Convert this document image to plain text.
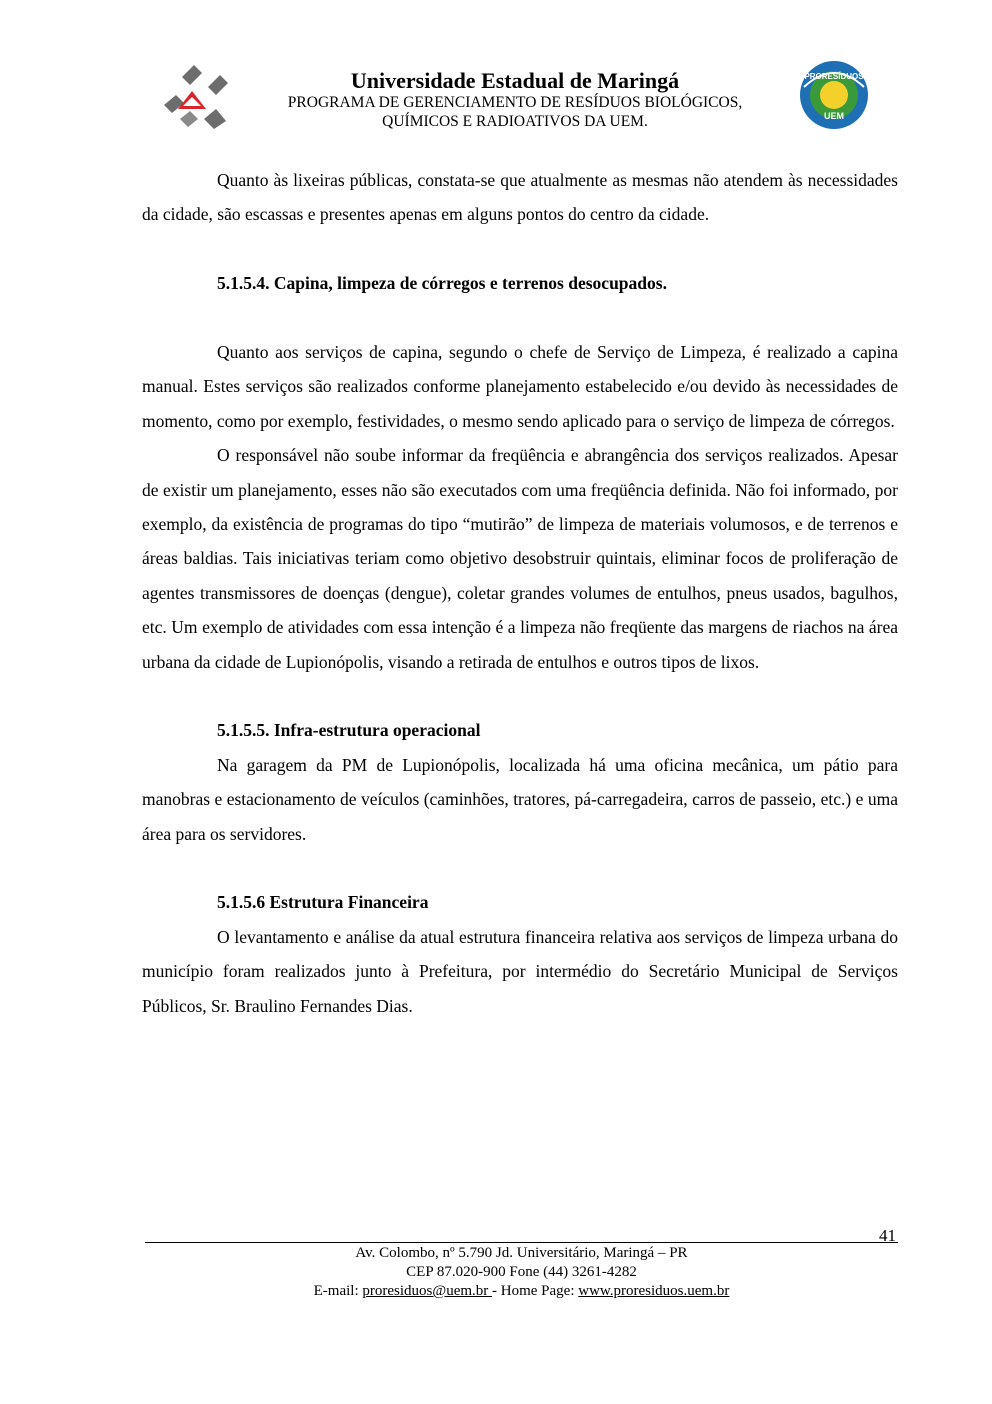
Universidade Estadual de Maringá
PROGRAMA DE GERENCIAMENTO DE RESÍDUOS BIOLÓGICOS,
QUÍMICOS E RADIOATIVOS DA UEM.
PRORESÍDUOS
UEM

Quanto às lixeiras públicas, constata-se que atualmente as mesmas não atendem às necessidades da cidade, são escassas e presentes apenas em alguns pontos do centro da cidade.

5.1.5.4. Capina, limpeza de córregos e terrenos desocupados.

Quanto aos serviços de capina, segundo o chefe de Serviço de Limpeza, é realizado a capina manual. Estes serviços são realizados conforme planejamento estabelecido e/ou devido às necessidades de momento, como por exemplo, festividades, o mesmo sendo aplicado para o serviço de limpeza de córregos.

O responsável não soube informar da freqüência e abrangência dos serviços realizados. Apesar de existir um planejamento, esses não são executados com uma freqüência definida. Não foi informado, por exemplo, da existência de programas do tipo “mutirão” de limpeza de materiais volumosos, e de terrenos e áreas baldias. Tais iniciativas teriam como objetivo desobstruir quintais, eliminar focos de proliferação de agentes transmissores de doenças (dengue), coletar grandes volumes de entulhos, pneus usados, bagulhos, etc. Um exemplo de atividades com essa intenção é a limpeza não freqüente das margens de riachos na área urbana da cidade de Lupionópolis, visando a retirada de entulhos e outros tipos de lixos.

5.1.5.5. Infra-estrutura operacional

Na garagem da PM de Lupionópolis, localizada há uma oficina mecânica, um pátio para manobras e estacionamento de veículos (caminhões, tratores, pá-carregadeira, carros de passeio, etc.) e uma área para os servidores.

5.1.5.6 Estrutura Financeira

O levantamento e análise da atual estrutura financeira relativa aos serviços de limpeza urbana do município foram realizados junto à Prefeitura, por intermédio do Secretário Municipal de Serviços Públicos, Sr. Braulino Fernandes Dias.

41
Av. Colombo, nº 5.790 Jd. Universitário, Maringá – PR
CEP 87.020-900 Fone (44) 3261-4282
E-mail: proresiduos@uem.br - Home Page: www.proresiduos.uem.br
